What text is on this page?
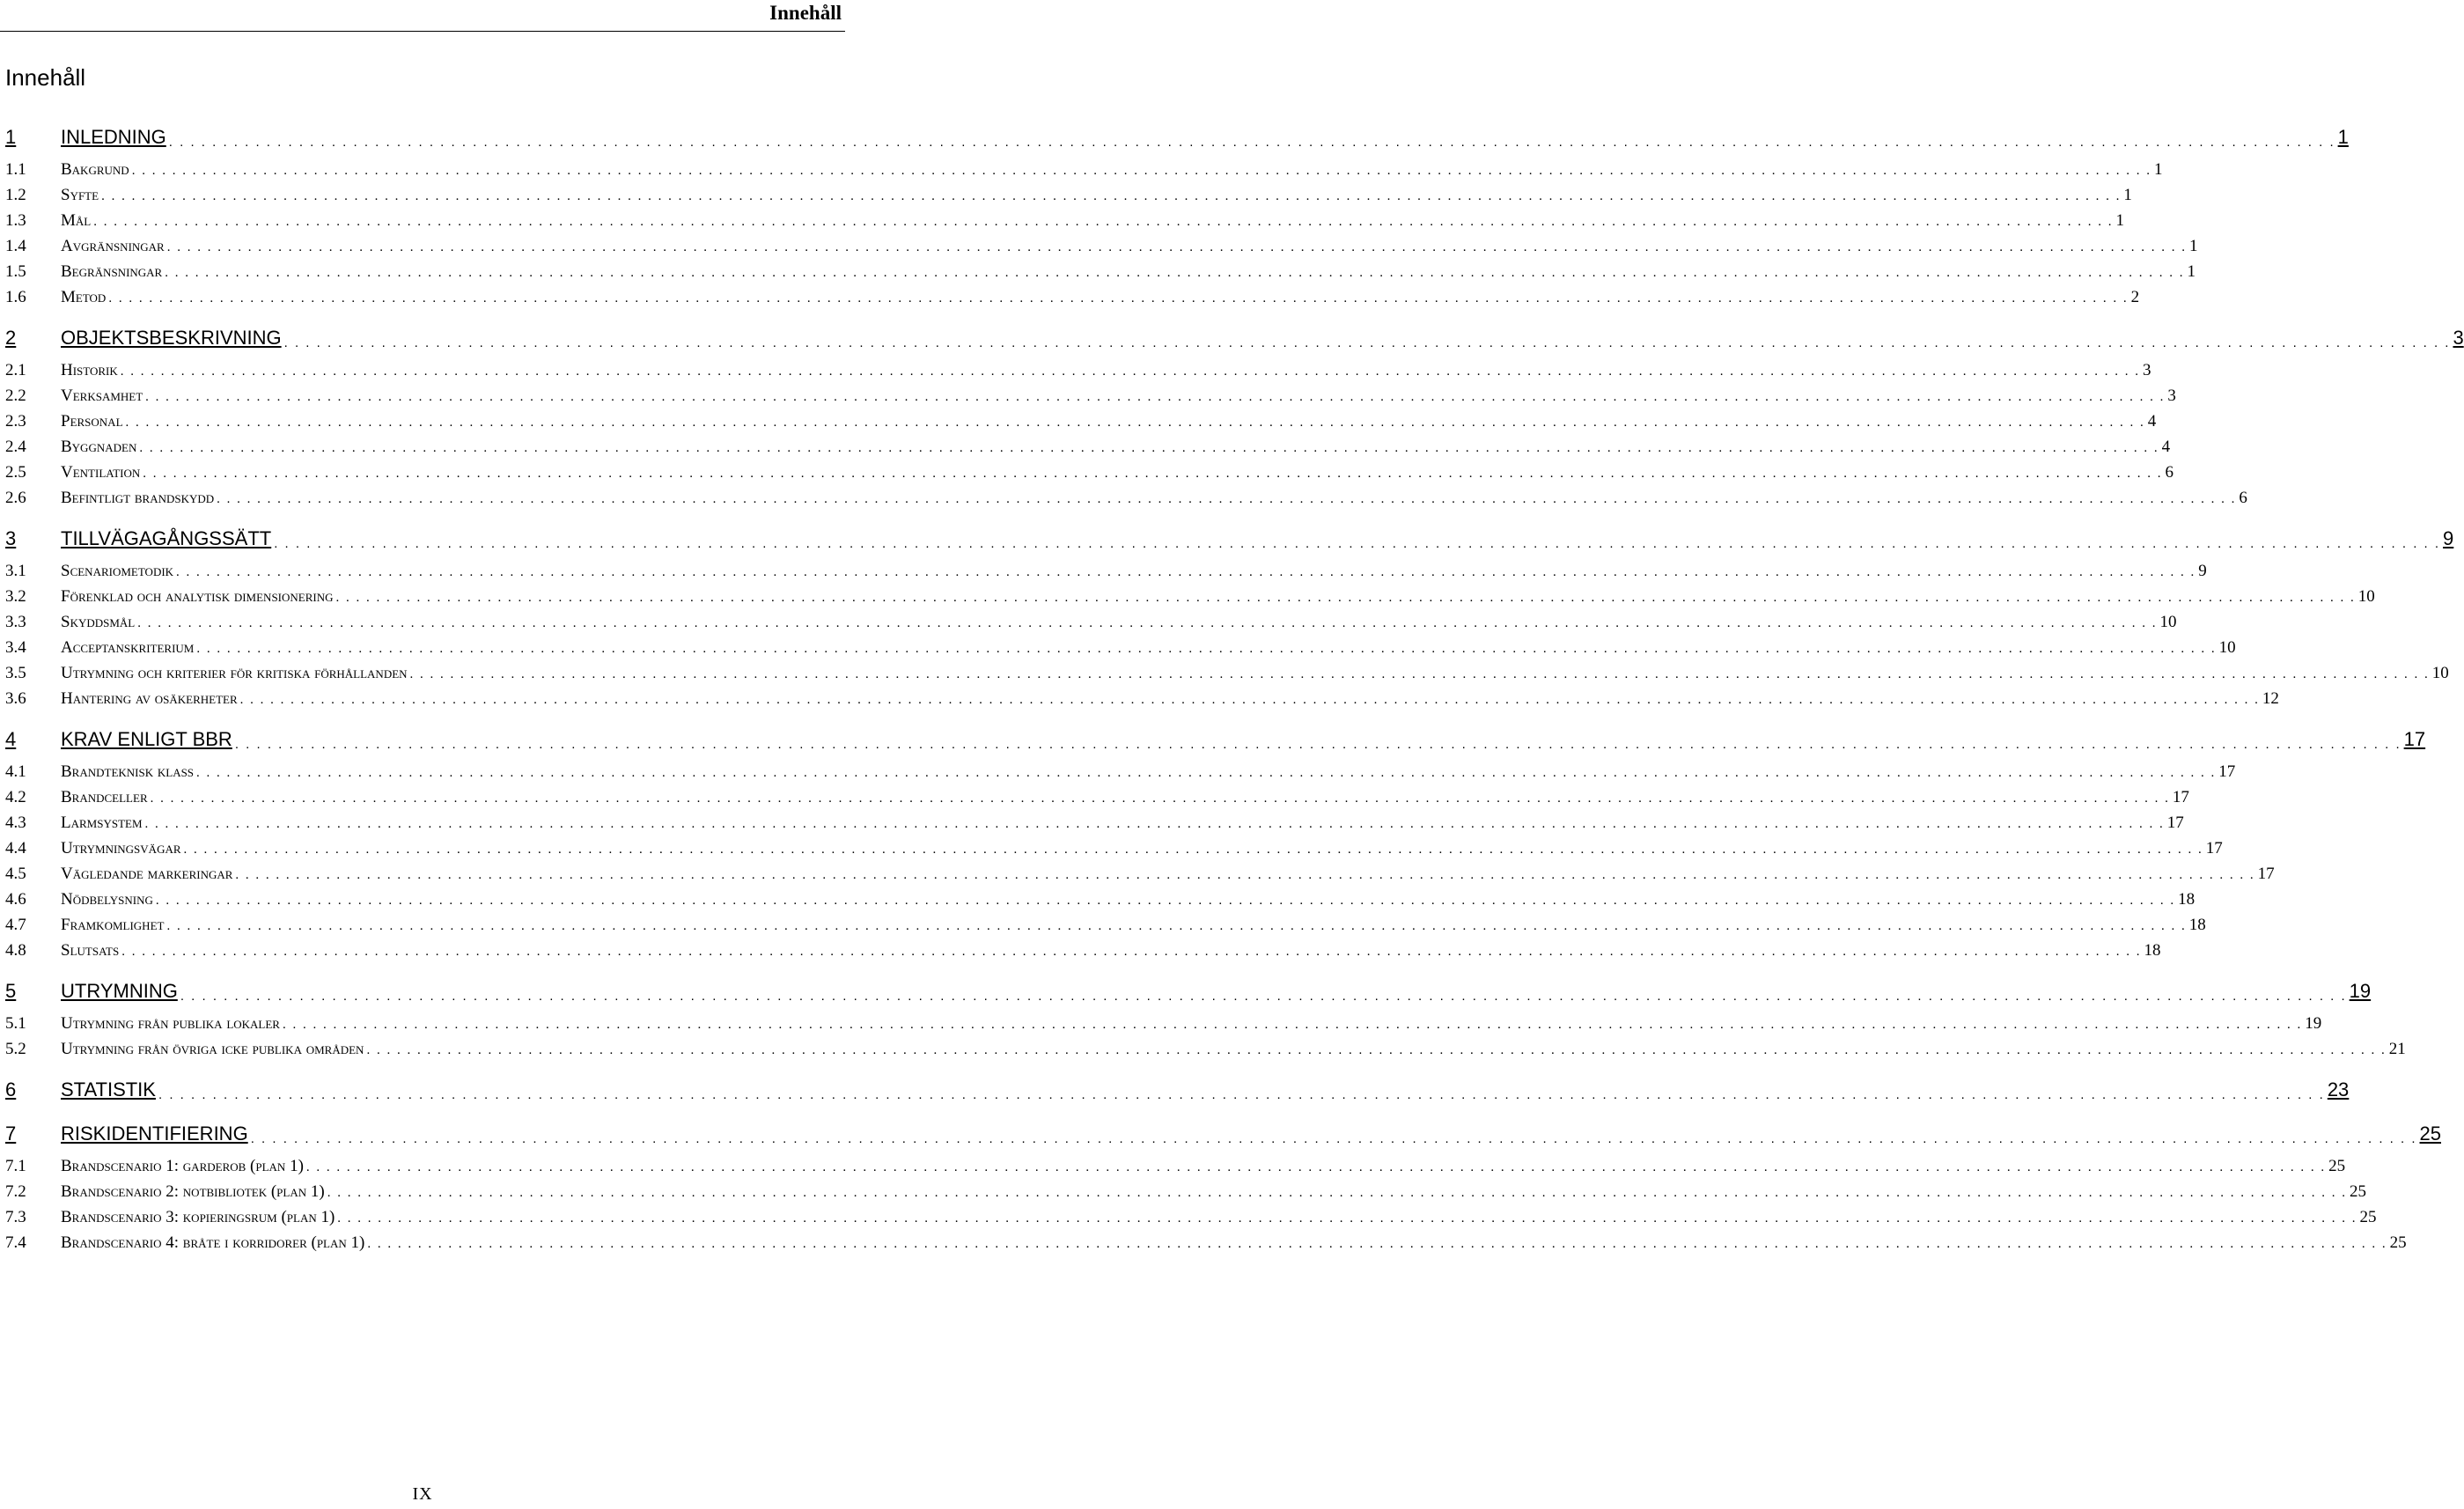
Innehåll
Innehåll
1	INLEDNING . . . . . . . . . . . . . . . . . . . . . . . . . . . . . . . . . . . . . . . . . . . . . . . . . . . . . . . . . . . . . . . . . . . . . . . . . . . . . . . . . . . . . . . . . . . . . . . . . . . . . . . . . . . . . . . . . . . . . . . . . . . . . . . . . . . . . . . . . . . . . . . . . . . . . . . . . . . . . . . . . . . . . . . . . . . . . . . . . . . . . . . . . . . . . . . . . . . . . . . . 1
1.1	Bakgrund . . . . . . . . . . . . . . . . . . . . . . . . . . . . . . . . . . . . . . . . . . . . . . . . . . . . . . . . . . . . . . . . . . . . . . . . . . . . . . . . . . . . . . . . . . . . . . . . . . . . . . . . . . . . . . . . . . . . . . . . . . . . . . . . . . . . . . . . . . . . . . . . . . . . . . . . . . . . . . . . . . . . . . . . . . . . . . . . . . . . . . . . . . . . . . . . . . . . . . . . 1
1.2	Syfte . . . . . . . . . . . . . . . . . . . . . . . . . . . . . . . . . . . . . . . . . . . . . . . . . . . . . . . . . . . . . . . . . . . . . . . . . . . . . . . . . . . . . . . . . . . . . . . . . . . . . . . . . . . . . . . . . . . . . . . . . . . . . . . . . . . . . . . . . . . . . . . . . . . . . . . . . . . . . . . . . . . . . . . . . . . . . . . . . . . . . . . . . . . . . . . . . . . . . . . . 1
1.3	Mål . . . . . . . . . . . . . . . . . . . . . . . . . . . . . . . . . . . . . . . . . . . . . . . . . . . . . . . . . . . . . . . . . . . . . . . . . . . . . . . . . . . . . . . . . . . . . . . . . . . . . . . . . . . . . . . . . . . . . . . . . . . . . . . . . . . . . . . . . . . . . . . . . . . . . . . . . . . . . . . . . . . . . . . . . . . . . . . . . . . . . . . . . . . . . . . . . . . . . . . . 1
1.4	Avgränsningar . . . . . . . . . . . . . . . . . . . . . . . . . . . . . . . . . . . . . . . . . . . . . . . . . . . . . . . . . . . . . . . . . . . . . . . . . . . . . . . . . . . . . . . . . . . . . . . . . . . . . . . . . . . . . . . . . . . . . . . . . . . . . . . . . . . . . . . . . . . . . . . . . . . . . . . . . . . . . . . . . . . . . . . . . . . . . . . . . . . . . . . . . . . . . . . . . . . . . . . . 1
1.5	Begränsningar . . . . . . . . . . . . . . . . . . . . . . . . . . . . . . . . . . . . . . . . . . . . . . . . . . . . . . . . . . . . . . . . . . . . . . . . . . . . . . . . . . . . . . . . . . . . . . . . . . . . . . . . . . . . . . . . . . . . . . . . . . . . . . . . . . . . . . . . . . . . . . . . . . . . . . . . . . . . . . . . . . . . . . . . . . . . . . . . . . . . . . . . . . . . . . . . . . . . . . . . 1
1.6	Metod . . . . . . . . . . . . . . . . . . . . . . . . . . . . . . . . . . . . . . . . . . . . . . . . . . . . . . . . . . . . . . . . . . . . . . . . . . . . . . . . . . . . . . . . . . . . . . . . . . . . . . . . . . . . . . . . . . . . . . . . . . . . . . . . . . . . . . . . . . . . . . . . . . . . . . . . . . . . . . . . . . . . . . . . . . . . . . . . . . . . . . . . . . . . . . . . . . . . . . . . 2
2	OBJEKTSBESKRIVNING . . . . . . . . . . . . . . . . . . . . . . . . . . . . . . . . . . . . . . . . . . . . . . . . . . . . . . . . . . . . . . . . . . . . . . . . . . . . . . . . . . . . . . . . . . . . . . . . . . . . . . . . . . . . . . . . . . . . . . . . . . . . . . . . . . . . . . . . . . . . . . . . . . . . . . . . . . . . . . . . . . . . . . . . . . . . . . . . . . . . . . . . . . . . . . . . . . . . . . . . 3
2.1	Historik . . . . . . . . . . . . . . . . . . . . . . . . . . . . . . . . . . . . . . . . . . . . . . . . . . . . . . . . . . . . . . . . . . . . . . . . . . . . . . . . . . . . . . . . . . . . . . . . . . . . . . . . . . . . . . . . . . . . . . . . . . . . . . . . . . . . . . . . . . . . . . . . . . . . . . . . . . . . . . . . . . . . . . . . . . . . . . . . . . . . . . . . . . . . . . . . . . . . . . . . 3
2.2	Verksamhet . . . . . . . . . . . . . . . . . . . . . . . . . . . . . . . . . . . . . . . . . . . . . . . . . . . . . . . . . . . . . . . . . . . . . . . . . . . . . . . . . . . . . . . . . . . . . . . . . . . . . . . . . . . . . . . . . . . . . . . . . . . . . . . . . . . . . . . . . . . . . . . . . . . . . . . . . . . . . . . . . . . . . . . . . . . . . . . . . . . . . . . . . . . . . . . . . . . . . . . . 3
2.3	Personal . . . . . . . . . . . . . . . . . . . . . . . . . . . . . . . . . . . . . . . . . . . . . . . . . . . . . . . . . . . . . . . . . . . . . . . . . . . . . . . . . . . . . . . . . . . . . . . . . . . . . . . . . . . . . . . . . . . . . . . . . . . . . . . . . . . . . . . . . . . . . . . . . . . . . . . . . . . . . . . . . . . . . . . . . . . . . . . . . . . . . . . . . . . . . . . . . . . . . . . . 4
2.4	Byggnaden . . . . . . . . . . . . . . . . . . . . . . . . . . . . . . . . . . . . . . . . . . . . . . . . . . . . . . . . . . . . . . . . . . . . . . . . . . . . . . . . . . . . . . . . . . . . . . . . . . . . . . . . . . . . . . . . . . . . . . . . . . . . . . . . . . . . . . . . . . . . . . . . . . . . . . . . . . . . . . . . . . . . . . . . . . . . . . . . . . . . . . . . . . . . . . . . . . . . . . . . 4
2.5	Ventilation . . . . . . . . . . . . . . . . . . . . . . . . . . . . . . . . . . . . . . . . . . . . . . . . . . . . . . . . . . . . . . . . . . . . . . . . . . . . . . . . . . . . . . . . . . . . . . . . . . . . . . . . . . . . . . . . . . . . . . . . . . . . . . . . . . . . . . . . . . . . . . . . . . . . . . . . . . . . . . . . . . . . . . . . . . . . . . . . . . . . . . . . . . . . . . . . . . . . . . . . 6
2.6	Befintligt brandskydd . . . . . . . . . . . . . . . . . . . . . . . . . . . . . . . . . . . . . . . . . . . . . . . . . . . . . . . . . . . . . . . . . . . . . . . . . . . . . . . . . . . . . . . . . . . . . . . . . . . . . . . . . . . . . . . . . . . . . . . . . . . . . . . . . . . . . . . . . . . . . . . . . . . . . . . . . . . . . . . . . . . . . . . . . . . . . . . . . . . . . . . . . . . . . . . . . . . . . . . . 6
3	TILLVÄGAGÅNGSSÄTT . . . . . . . . . . . . . . . . . . . . . . . . . . . . . . . . . . . . . . . . . . . . . . . . . . . . . . . . . . . . . . . . . . . . . . . . . . . . . . . . . . . . . . . . . . . . . . . . . . . . . . . . . . . . . . . . . . . . . . . . . . . . . . . . . . . . . . . . . . . . . . . . . . . . . . . . . . . . . . . . . . . . . . . . . . . . . . . . . . . . . . . . . . . . . . . . . . . . . . . . 9
3.1	Scenariometodik . . . . . . . . . . . . . . . . . . . . . . . . . . . . . . . . . . . . . . . . . . . . . . . . . . . . . . . . . . . . . . . . . . . . . . . . . . . . . . . . . . . . . . . . . . . . . . . . . . . . . . . . . . . . . . . . . . . . . . . . . . . . . . . . . . . . . . . . . . . . . . . . . . . . . . . . . . . . . . . . . . . . . . . . . . . . . . . . . . . . . . . . . . . . . . . . . . . . . . . . 9
3.2	Förenklad och analytisk dimensionering . . . . . . . . . . . . . . . . . . . . . . . . . . . . . . . . . . . . . . . . . . . . . . . . . . . . . . . . . . . . . . . . . . . . . . . . . . . . . . . . . . . . . . . . . . . . . . . . . . . . . . . . . . . . . . . . . . . . . . . . . . . . . . . . . . . . . . . . . . . . . . . . . . . . . . . . . . . . . . . . . . . . . . . . . . . . . . . . . . . . . . . . . . . . . . . . . . . . . . . . 10
3.3	Skyddsmål . . . . . . . . . . . . . . . . . . . . . . . . . . . . . . . . . . . . . . . . . . . . . . . . . . . . . . . . . . . . . . . . . . . . . . . . . . . . . . . . . . . . . . . . . . . . . . . . . . . . . . . . . . . . . . . . . . . . . . . . . . . . . . . . . . . . . . . . . . . . . . . . . . . . . . . . . . . . . . . . . . . . . . . . . . . . . . . . . . . . . . . . . . . . . . . . . . . . . . . . 10
3.4	Acceptanskriterium . . . . . . . . . . . . . . . . . . . . . . . . . . . . . . . . . . . . . . . . . . . . . . . . . . . . . . . . . . . . . . . . . . . . . . . . . . . . . . . . . . . . . . . . . . . . . . . . . . . . . . . . . . . . . . . . . . . . . . . . . . . . . . . . . . . . . . . . . . . . . . . . . . . . . . . . . . . . . . . . . . . . . . . . . . . . . . . . . . . . . . . . . . . . . . . . . . . . . . . . 10
3.5	Utrymning och kriterier för kritiska förhållanden . . . . . . . . . . . . . . . . . . . . . . . . . . . . . . . . . . . . . . . . . . . . . . . . . . . . . . . . . . . . . . . . . . . . . . . . . . . . . . . . . . . . . . . . . . . . . . . . . . . . . . . . . . . . . . . . . . . . . . . . . . . . . . . . . . . . . . . . . . . . . . . . . . . . . . . . . . . . . . . . . . . . . . . . . . . . . . . . . . . . . . . . . . . . . . . . . . . . . . . . 10
3.6	Hantering av osäkerheter . . . . . . . . . . . . . . . . . . . . . . . . . . . . . . . . . . . . . . . . . . . . . . . . . . . . . . . . . . . . . . . . . . . . . . . . . . . . . . . . . . . . . . . . . . . . . . . . . . . . . . . . . . . . . . . . . . . . . . . . . . . . . . . . . . . . . . . . . . . . . . . . . . . . . . . . . . . . . . . . . . . . . . . . . . . . . . . . . . . . . . . . . . . . . . . . . . . . . . . . 12
4	KRAV ENLIGT BBR . . . . . . . . . . . . . . . . . . . . . . . . . . . . . . . . . . . . . . . . . . . . . . . . . . . . . . . . . . . . . . . . . . . . . . . . . . . . . . . . . . . . . . . . . . . . . . . . . . . . . . . . . . . . . . . . . . . . . . . . . . . . . . . . . . . . . . . . . . . . . . . . . . . . . . . . . . . . . . . . . . . . . . . . . . . . . . . . . . . . . . . . . . . . . . . . . . . . . . . . 17
4.1	Brandteknisk klass . . . . . . . . . . . . . . . . . . . . . . . . . . . . . . . . . . . . . . . . . . . . . . . . . . . . . . . . . . . . . . . . . . . . . . . . . . . . . . . . . . . . . . . . . . . . . . . . . . . . . . . . . . . . . . . . . . . . . . . . . . . . . . . . . . . . . . . . . . . . . . . . . . . . . . . . . . . . . . . . . . . . . . . . . . . . . . . . . . . . . . . . . . . . . . . . . . . . . . . . 17
4.2	Brandceller . . . . . . . . . . . . . . . . . . . . . . . . . . . . . . . . . . . . . . . . . . . . . . . . . . . . . . . . . . . . . . . . . . . . . . . . . . . . . . . . . . . . . . . . . . . . . . . . . . . . . . . . . . . . . . . . . . . . . . . . . . . . . . . . . . . . . . . . . . . . . . . . . . . . . . . . . . . . . . . . . . . . . . . . . . . . . . . . . . . . . . . . . . . . . . . . . . . . . . . . 17
4.3	Larmsystem . . . . . . . . . . . . . . . . . . . . . . . . . . . . . . . . . . . . . . . . . . . . . . . . . . . . . . . . . . . . . . . . . . . . . . . . . . . . . . . . . . . . . . . . . . . . . . . . . . . . . . . . . . . . . . . . . . . . . . . . . . . . . . . . . . . . . . . . . . . . . . . . . . . . . . . . . . . . . . . . . . . . . . . . . . . . . . . . . . . . . . . . . . . . . . . . . . . . . . . . 17
4.4	Utrymningsvägar . . . . . . . . . . . . . . . . . . . . . . . . . . . . . . . . . . . . . . . . . . . . . . . . . . . . . . . . . . . . . . . . . . . . . . . . . . . . . . . . . . . . . . . . . . . . . . . . . . . . . . . . . . . . . . . . . . . . . . . . . . . . . . . . . . . . . . . . . . . . . . . . . . . . . . . . . . . . . . . . . . . . . . . . . . . . . . . . . . . . . . . . . . . . . . . . . . . . . . . . 17
4.5	Vägledande markeringar . . . . . . . . . . . . . . . . . . . . . . . . . . . . . . . . . . . . . . . . . . . . . . . . . . . . . . . . . . . . . . . . . . . . . . . . . . . . . . . . . . . . . . . . . . . . . . . . . . . . . . . . . . . . . . . . . . . . . . . . . . . . . . . . . . . . . . . . . . . . . . . . . . . . . . . . . . . . . . . . . . . . . . . . . . . . . . . . . . . . . . . . . . . . . . . . . . . . . . . . 17
4.6	Nödbelysning . . . . . . . . . . . . . . . . . . . . . . . . . . . . . . . . . . . . . . . . . . . . . . . . . . . . . . . . . . . . . . . . . . . . . . . . . . . . . . . . . . . . . . . . . . . . . . . . . . . . . . . . . . . . . . . . . . . . . . . . . . . . . . . . . . . . . . . . . . . . . . . . . . . . . . . . . . . . . . . . . . . . . . . . . . . . . . . . . . . . . . . . . . . . . . . . . . . . . . . . 18
4.7	Framkomlighet . . . . . . . . . . . . . . . . . . . . . . . . . . . . . . . . . . . . . . . . . . . . . . . . . . . . . . . . . . . . . . . . . . . . . . . . . . . . . . . . . . . . . . . . . . . . . . . . . . . . . . . . . . . . . . . . . . . . . . . . . . . . . . . . . . . . . . . . . . . . . . . . . . . . . . . . . . . . . . . . . . . . . . . . . . . . . . . . . . . . . . . . . . . . . . . . . . . . . . . . 18
4.8	Slutsats . . . . . . . . . . . . . . . . . . . . . . . . . . . . . . . . . . . . . . . . . . . . . . . . . . . . . . . . . . . . . . . . . . . . . . . . . . . . . . . . . . . . . . . . . . . . . . . . . . . . . . . . . . . . . . . . . . . . . . . . . . . . . . . . . . . . . . . . . . . . . . . . . . . . . . . . . . . . . . . . . . . . . . . . . . . . . . . . . . . . . . . . . . . . . . . . . . . . . . . . 18
5	UTRYMNING . . . . . . . . . . . . . . . . . . . . . . . . . . . . . . . . . . . . . . . . . . . . . . . . . . . . . . . . . . . . . . . . . . . . . . . . . . . . . . . . . . . . . . . . . . . . . . . . . . . . . . . . . . . . . . . . . . . . . . . . . . . . . . . . . . . . . . . . . . . . . . . . . . . . . . . . . . . . . . . . . . . . . . . . . . . . . . . . . . . . . . . . . . . . . . . . . . . . . . . . 19
5.1	Utrymning från publika lokaler . . . . . . . . . . . . . . . . . . . . . . . . . . . . . . . . . . . . . . . . . . . . . . . . . . . . . . . . . . . . . . . . . . . . . . . . . . . . . . . . . . . . . . . . . . . . . . . . . . . . . . . . . . . . . . . . . . . . . . . . . . . . . . . . . . . . . . . . . . . . . . . . . . . . . . . . . . . . . . . . . . . . . . . . . . . . . . . . . . . . . . . . . . . . . . . . . . . . . . . . 19
5.2	Utrymning från övriga icke publika områden . . . . . . . . . . . . . . . . . . . . . . . . . . . . . . . . . . . . . . . . . . . . . . . . . . . . . . . . . . . . . . . . . . . . . . . . . . . . . . . . . . . . . . . . . . . . . . . . . . . . . . . . . . . . . . . . . . . . . . . . . . . . . . . . . . . . . . . . . . . . . . . . . . . . . . . . . . . . . . . . . . . . . . . . . . . . . . . . . . . . . . . . . . . . . . . . . . . . . . . . 21
6	STATISTIK . . . . . . . . . . . . . . . . . . . . . . . . . . . . . . . . . . . . . . . . . . . . . . . . . . . . . . . . . . . . . . . . . . . . . . . . . . . . . . . . . . . . . . . . . . . . . . . . . . . . . . . . . . . . . . . . . . . . . . . . . . . . . . . . . . . . . . . . . . . . . . . . . . . . . . . . . . . . . . . . . . . . . . . . . . . . . . . . . . . . . . . . . . . . . . . . . . . . . . . . 23
7	RISKIDENTIFIERING . . . . . . . . . . . . . . . . . . . . . . . . . . . . . . . . . . . . . . . . . . . . . . . . . . . . . . . . . . . . . . . . . . . . . . . . . . . . . . . . . . . . . . . . . . . . . . . . . . . . . . . . . . . . . . . . . . . . . . . . . . . . . . . . . . . . . . . . . . . . . . . . . . . . . . . . . . . . . . . . . . . . . . . . . . . . . . . . . . . . . . . . . . . . . . . . . . . . . . . . 25
7.1	Brandscenario 1: garderob (plan 1) . . . . . . . . . . . . . . . . . . . . . . . . . . . . . . . . . . . . . . . . . . . . . . . . . . . . . . . . . . . . . . . . . . . . . . . . . . . . . . . . . . . . . . . . . . . . . . . . . . . . . . . . . . . . . . . . . . . . . . . . . . . . . . . . . . . . . . . . . . . . . . . . . . . . . . . . . . . . . . . . . . . . . . . . . . . . . . . . . . . . . . . . . . . . . . . . . . . . . . . . 25
7.2	Brandscenario 2: notbibliotek (plan 1) . . . . . . . . . . . . . . . . . . . . . . . . . . . . . . . . . . . . . . . . . . . . . . . . . . . . . . . . . . . . . . . . . . . . . . . . . . . . . . . . . . . . . . . . . . . . . . . . . . . . . . . . . . . . . . . . . . . . . . . . . . . . . . . . . . . . . . . . . . . . . . . . . . . . . . . . . . . . . . . . . . . . . . . . . . . . . . . . . . . . . . . . . . . . . . . . . . . . . . . . 25
7.3	Brandscenario 3: kopieringsrum (plan 1) . . . . . . . . . . . . . . . . . . . . . . . . . . . . . . . . . . . . . . . . . . . . . . . . . . . . . . . . . . . . . . . . . . . . . . . . . . . . . . . . . . . . . . . . . . . . . . . . . . . . . . . . . . . . . . . . . . . . . . . . . . . . . . . . . . . . . . . . . . . . . . . . . . . . . . . . . . . . . . . . . . . . . . . . . . . . . . . . . . . . . . . . . . . . . . . . . . . . . . . . 25
7.4	Brandscenario 4: bråte i korridorer (plan 1) . . . . . . . . . . . . . . . . . . . . . . . . . . . . . . . . . . . . . . . . . . . . . . . . . . . . . . . . . . . . . . . . . . . . . . . . . . . . . . . . . . . . . . . . . . . . . . . . . . . . . . . . . . . . . . . . . . . . . . . . . . . . . . . . . . . . . . . . . . . . . . . . . . . . . . . . . . . . . . . . . . . . . . . . . . . . . . . . . . . . . . . . . . . . . . . . . . . . . . . . 25
IX
